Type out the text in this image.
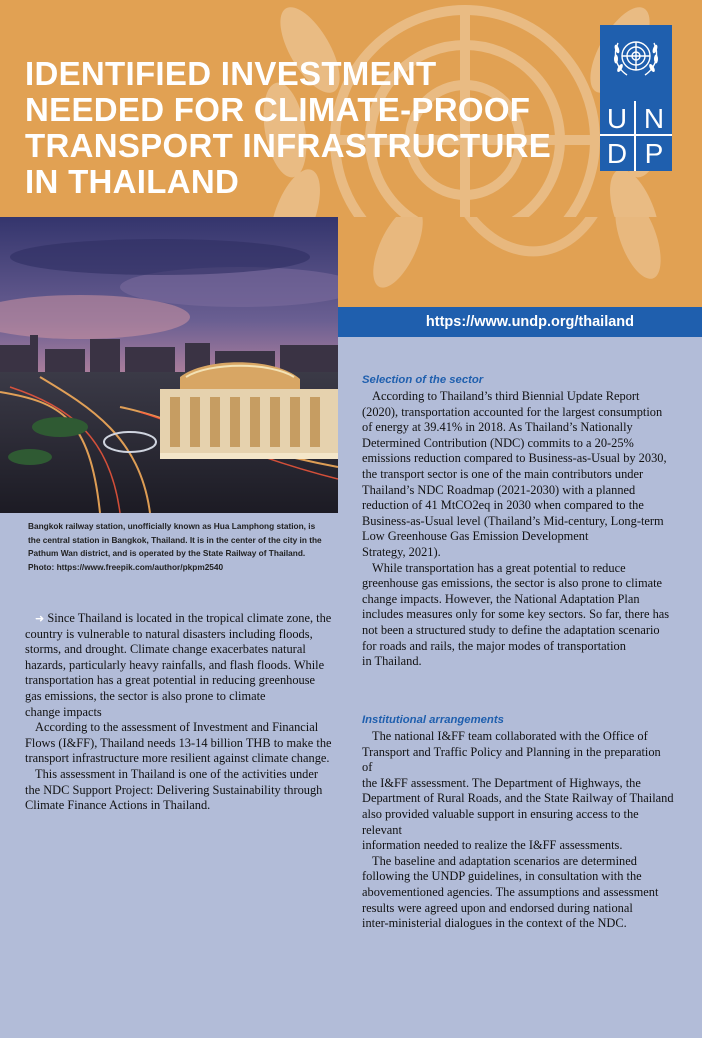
IDENTIFIED INVESTMENT
NEEDED FOR CLIMATE-PROOF
TRANSPORT INFRASTRUCTURE
IN THAILAND
U N
D P
https://www.undp.org/thailand

Bangkok railway station, unofficially known as Hua Lamphong station, is

the central station in Bangkok, Thailand. It is in the center of the city in the

Pathum Wan district, and is operated by the State Railway of Thailand.

Photo: https://www.freepik.com/author/pkpm2540

➜ Since Thailand is located in the tropical climate zone, the
country is vulnerable to natural disasters including floods,
storms, and drought. Climate change exacerbates natural
hazards, particularly heavy rainfalls, and flash floods. While
transportation has a great potential in reducing greenhouse
gas emissions, the sector is also prone to climate
change impacts

According to the assessment of Investment and Financial
Flows (I&FF), Thailand needs 13-14 billion THB to make the
transport infrastructure more resilient against climate change.

This assessment in Thailand is one of the activities under
the NDC Support Project: Delivering Sustainability through
Climate Finance Actions in Thailand.

Selection of the sector

According to Thailand’s third Biennial Update Report
(2020), transportation accounted for the largest consumption
of energy at 39.41% in 2018. As Thailand’s Nationally
Determined Contribution (NDC) commits to a 20-25%
emissions reduction compared to Business-as-Usual by 2030,
the transport sector is one of the main contributors under
Thailand’s NDC Roadmap (2021-2030) with a planned
reduction of 41 MtCO2eq in 2030 when compared to the
Business-as-Usual level (Thailand’s Mid-century, Long-term
Low Greenhouse Gas Emission Development
Strategy, 2021).

While transportation has a great potential to reduce
greenhouse gas emissions, the sector is also prone to climate
change impacts. However, the National Adaptation Plan
includes measures only for some key sectors. So far, there has
not been a structured study to define the adaptation scenario
for roads and rails, the major modes of transportation
in Thailand.

Institutional arrangements

The national I&FF team collaborated with the Office of
Transport and Traffic Policy and Planning in the preparation of
the I&FF assessment. The Department of Highways, the
Department of Rural Roads, and the State Railway of Thailand
also provided valuable support in ensuring access to the relevant
information needed to realize the I&FF assessments.

The baseline and adaptation scenarios are determined
following the UNDP guidelines, in consultation with the
abovementioned agencies. The assumptions and assessment
results were agreed upon and endorsed during national
inter-ministerial dialogues in the context of the NDC.
